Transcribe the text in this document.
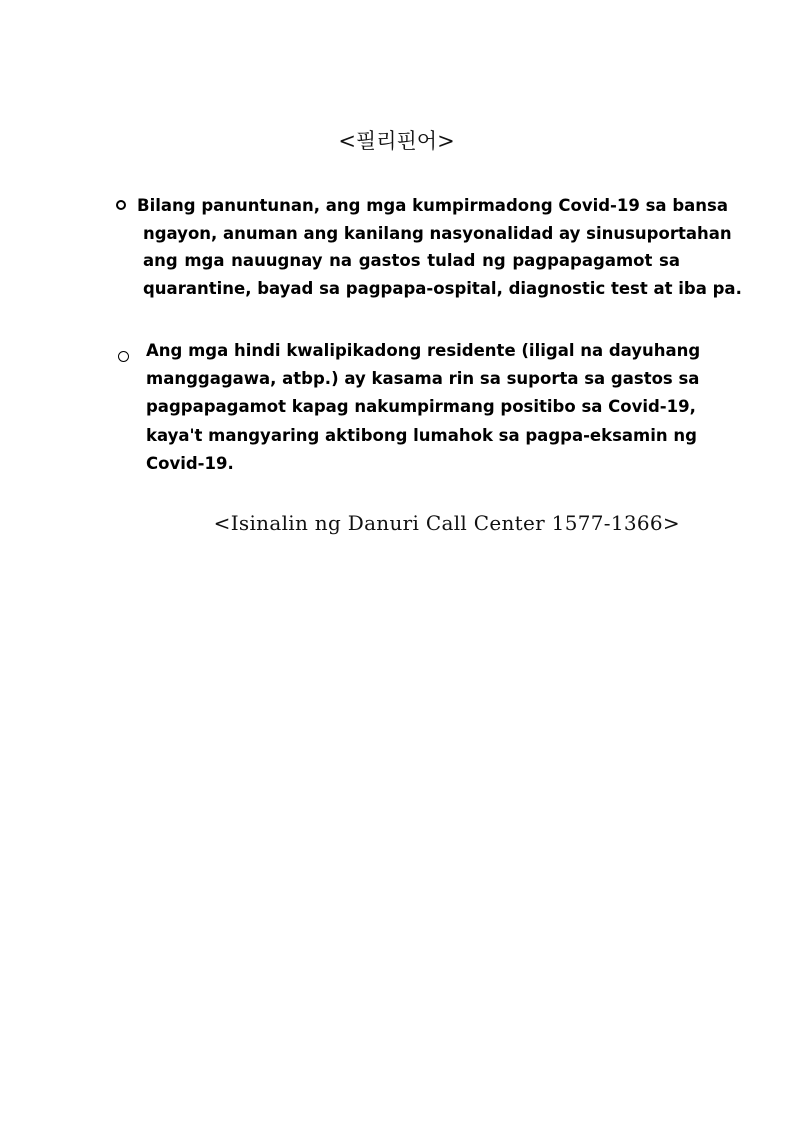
<필리핀어>
Bilang panuntunan, ang mga kumpirmadong Covid-19 sa bansa
ngayon, anuman ang kanilang nasyonalidad ay sinusuportahan
ang mga nauugnay na gastos tulad ng pagpapagamot sa
quarantine, bayad sa pagpapa-ospital, diagnostic test at iba pa.
Ang mga hindi kwalipikadong residente (iligal na dayuhang
manggagawa, atbp.) ay kasama rin sa suporta sa gastos sa
pagpapagamot kapag nakumpirmang positibo sa Covid-19,
kaya't mangyaring aktibong lumahok sa pagpa-eksamin ng
Covid-19.
<Isinalin ng Danuri Call Center 1577-1366>
